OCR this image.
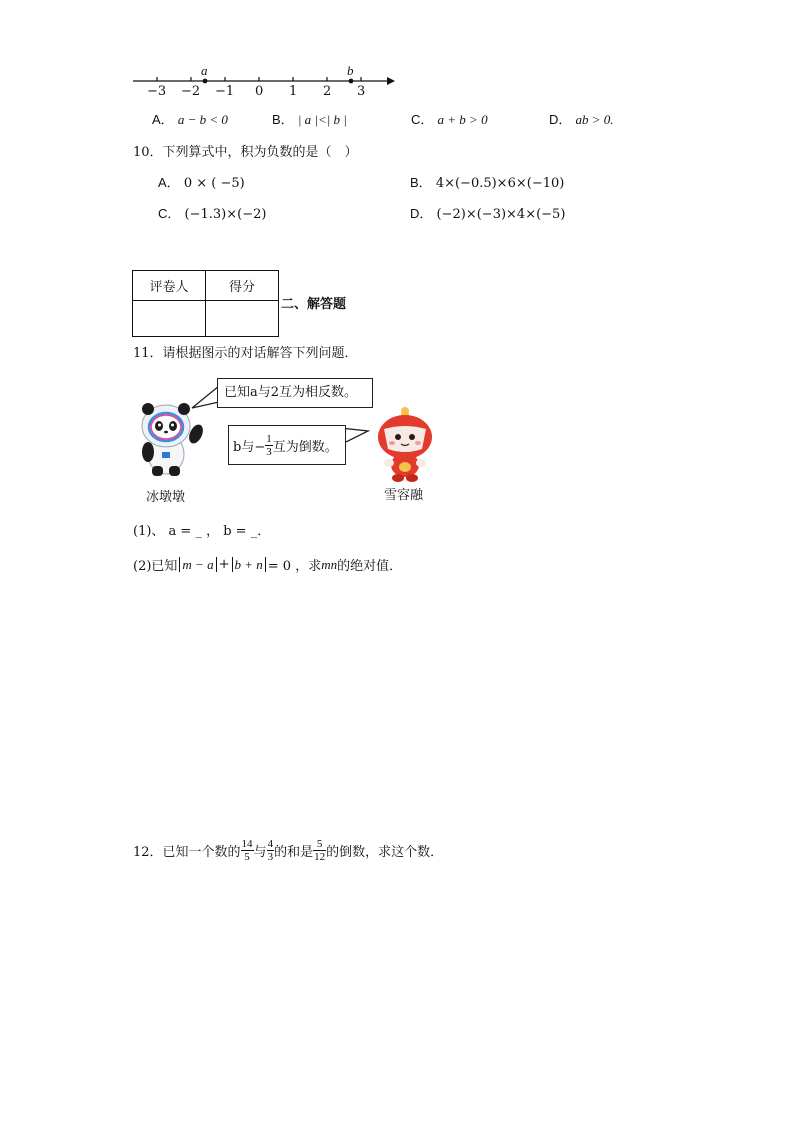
a	b
−3 −2 −1 0 1 2 3
A． a − b < 0	B． | a |<| b |	C． a + b > 0	D． ab > 0.
10．下列算式中，积为负数的是（　）
A． 0 × ( −5)	B． 4×(−0.5)×6×(−10)
C． (−1.3)×(−2)	D． (−2)×(−3)×4×(−5)
评卷人	得分

二、解答题
11．请根据图示的对话解答下列问题．
已知a与2互为相反数。
b与− $\frac{1}{3}$ 互为倒数。
冰墩墩	雪容融
(1)、 a = _ ， b = _．
(2)已知 m − a + b + n = 0 ，求 mn 的绝对值．
12．已知一个数的 $\frac{14}{5}$ 与 $\frac{4}{3}$ 的和是 $\frac{5}{12}$ 的倒数，求这个数．
